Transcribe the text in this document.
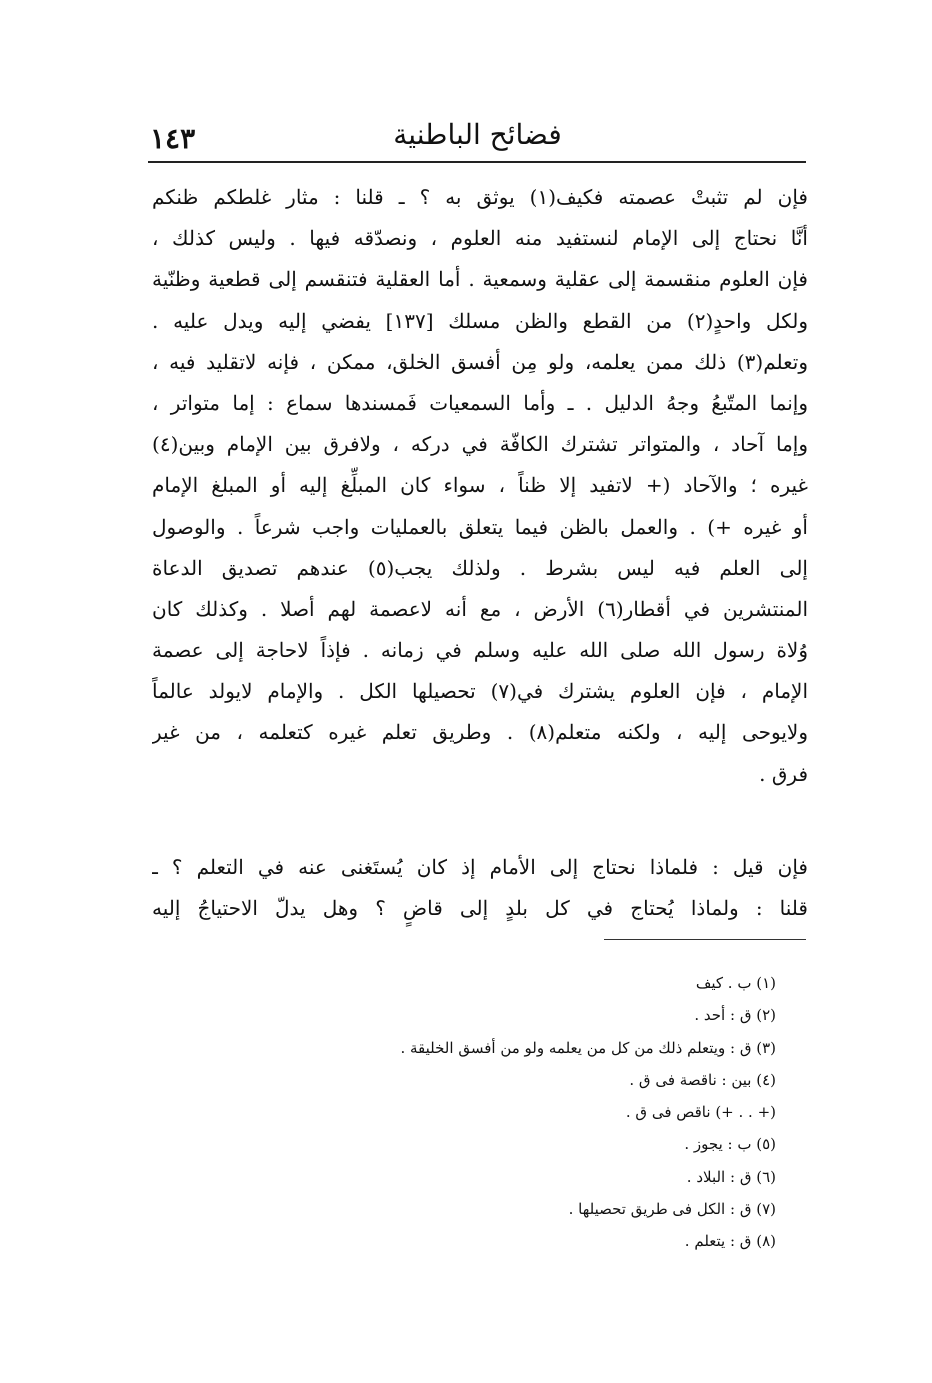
فضائح الباطنية
١٤٣
فإن لم تثبتْ عصمته فكيف(١) يوثق به ؟ ـ قلنا : مثار غلطكم ظنكم
أنَّا نحتاج إلى الإمام لنستفيد منه العلوم ، ونصدّقه فيها . وليس كذلك ،
فإن العلوم منقسمة إلى عقلية وسمعية . أما العقلية فتنقسم إلى قطعية وظنّية
ولكل واحدٍ(٢) من القطع والظن مسلك [١٣٧] يفضي إليه ويدل عليه .
وتعلم(٣) ذلك ممن يعلمه، ولو مِن أفسق الخلق، ممكن ، فإنه لاتقليد فيه ،
وإنما المتّبعُ وجهُ الدليل . ـ وأما السمعيات فَمسندها سماع : إما متواتر ،
وإما آحاد ، والمتواتر تشترك الكافّة في دركه ، ولافرق بين الإمام وبين(٤)
غيره ؛ والآحاد (+ لاتفيد إلا ظناً ، سواء كان المبلِّغ إليه أو المبلغ الإمام
أو غيره +) . والعمل بالظن فيما يتعلق بالعمليات واجب شرعاً . والوصول
إلى العلم فيه ليس بشرط . ولذلك يجب(٥) عندهم تصديق الدعاة
المنتشرين في أقطار(٦) الأرض ، مع أنه لاعصمة لهم أصلا . وكذلك كان
وُلاة رسول الله صلى الله عليه وسلم في زمانه . فإذاً لاحاجة إلى عصمة
الإمام ، فإن العلوم يشترك في(٧) تحصيلها الكل . والإمام لايولد عالماً
ولايوحى إليه ، ولكنه متعلم(٨) . وطريق تعلم غيره كتعلمه ، من غير
فرق .
فإن قيل : فلماذا نحتاج إلى الأمام إذ كان يُستَغنى عنه في التعلم ؟ ـ
قلنا : ولماذا يُحتاج في كل بلدٍ إلى قاضٍ ؟ وهل يدلّ الاحتياجُ إليه
(١) ب . كيف
(٢) ق : أحد .
(٣) ق : ويتعلم ذلك من كل من يعلمه ولو من أفسق الخليقة .
(٤) بين : ناقصة فى ق .
(+ . . +) ناقص فى ق .
(٥) ب : يجوز .
(٦) ق : البلاد .
(٧) ق : الكل فى طريق تحصيلها .
(٨) ق : يتعلم .
